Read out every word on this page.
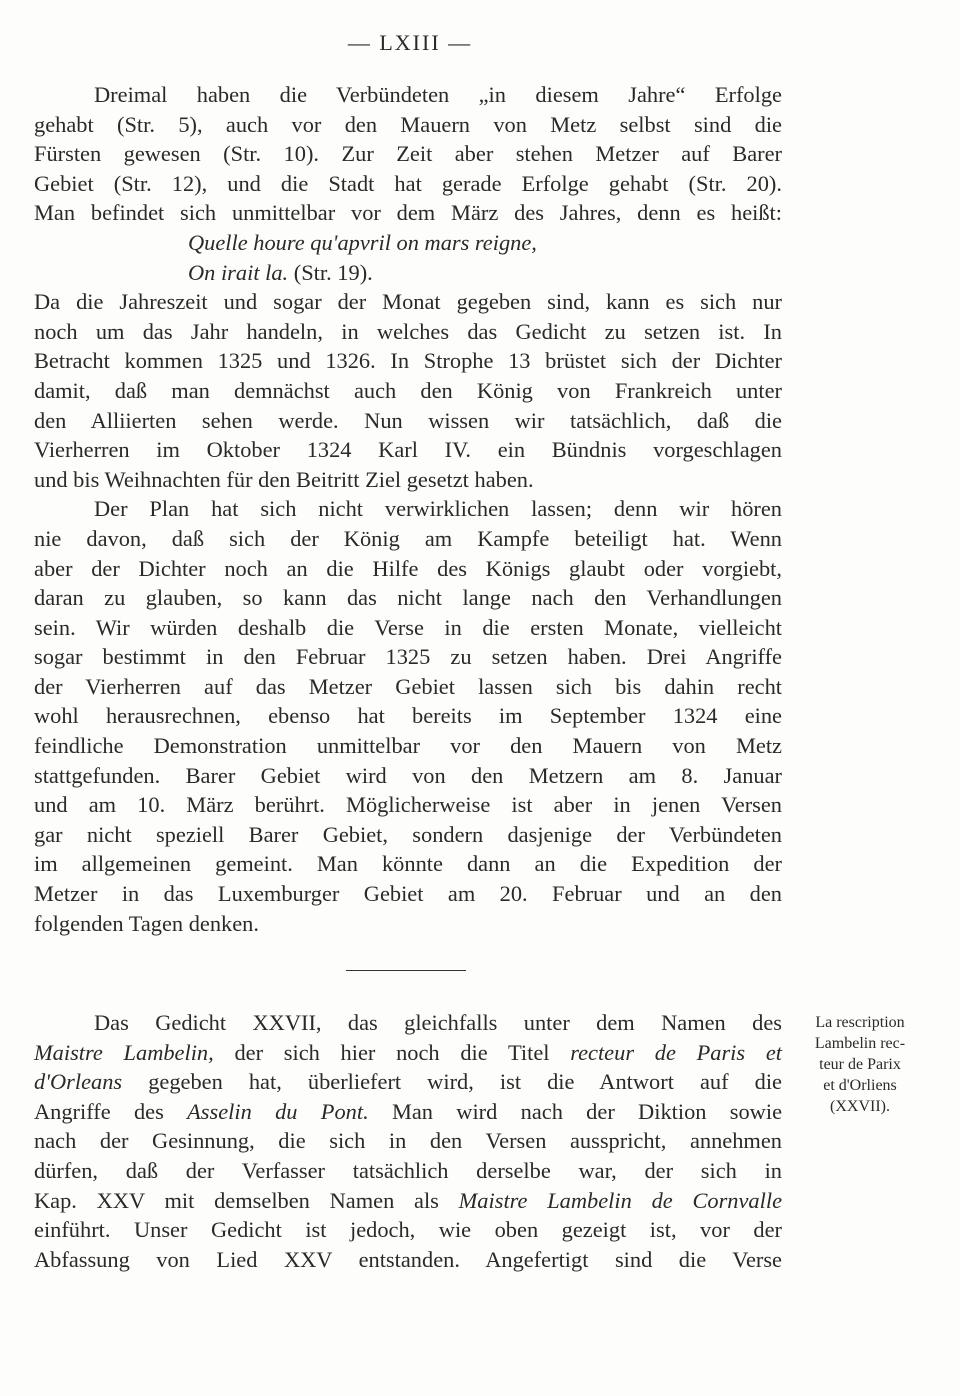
— LXIII —
Dreimal haben die Verbündeten „in diesem Jahre“ Erfolge
gehabt (Str. 5), auch vor den Mauern von Metz selbst sind die
Fürsten gewesen (Str. 10). Zur Zeit aber stehen Metzer auf Barer
Gebiet (Str. 12), und die Stadt hat gerade Erfolge gehabt (Str. 20).
Man befindet sich unmittelbar vor dem März des Jahres, denn es heißt:
Quelle houre qu'apvril on mars reigne,
On irait la. (Str. 19).
Da die Jahreszeit und sogar der Monat gegeben sind, kann es sich nur
noch um das Jahr handeln, in welches das Gedicht zu setzen ist. In
Betracht kommen 1325 und 1326. In Strophe 13 brüstet sich der Dichter
damit, daß man demnächst auch den König von Frankreich unter
den Alliierten sehen werde. Nun wissen wir tatsächlich, daß die
Vierherren im Oktober 1324 Karl IV. ein Bündnis vorgeschlagen
und bis Weihnachten für den Beitritt Ziel gesetzt haben.
Der Plan hat sich nicht verwirklichen lassen; denn wir hören
nie davon, daß sich der König am Kampfe beteiligt hat. Wenn
aber der Dichter noch an die Hilfe des Königs glaubt oder vorgiebt,
daran zu glauben, so kann das nicht lange nach den Verhandlungen
sein. Wir würden deshalb die Verse in die ersten Monate, vielleicht
sogar bestimmt in den Februar 1325 zu setzen haben. Drei Angriffe
der Vierherren auf das Metzer Gebiet lassen sich bis dahin recht
wohl herausrechnen, ebenso hat bereits im September 1324 eine
feindliche Demonstration unmittelbar vor den Mauern von Metz
stattgefunden. Barer Gebiet wird von den Metzern am 8. Januar
und am 10. März berührt. Möglicherweise ist aber in jenen Versen
gar nicht speziell Barer Gebiet, sondern dasjenige der Verbündeten
im allgemeinen gemeint. Man könnte dann an die Expedition der
Metzer in das Luxemburger Gebiet am 20. Februar und an den
folgenden Tagen denken.
Das Gedicht XXVII, das gleichfalls unter dem Namen des
Maistre Lambelin, der sich hier noch die Titel recteur de Paris et
d'Orleans gegeben hat, überliefert wird, ist die Antwort auf die
Angriffe des Asselin du Pont. Man wird nach der Diktion sowie
nach der Gesinnung, die sich in den Versen ausspricht, annehmen
dürfen, daß der Verfasser tatsächlich derselbe war, der sich in
Kap. XXV mit demselben Namen als Maistre Lambelin de Cornvalle
einführt. Unser Gedicht ist jedoch, wie oben gezeigt ist, vor der
Abfassung von Lied XXV entstanden. Angefertigt sind die Verse
La rescription
Lambelin rec-
teur de Parix
et d'Orliens
(XXVII).
